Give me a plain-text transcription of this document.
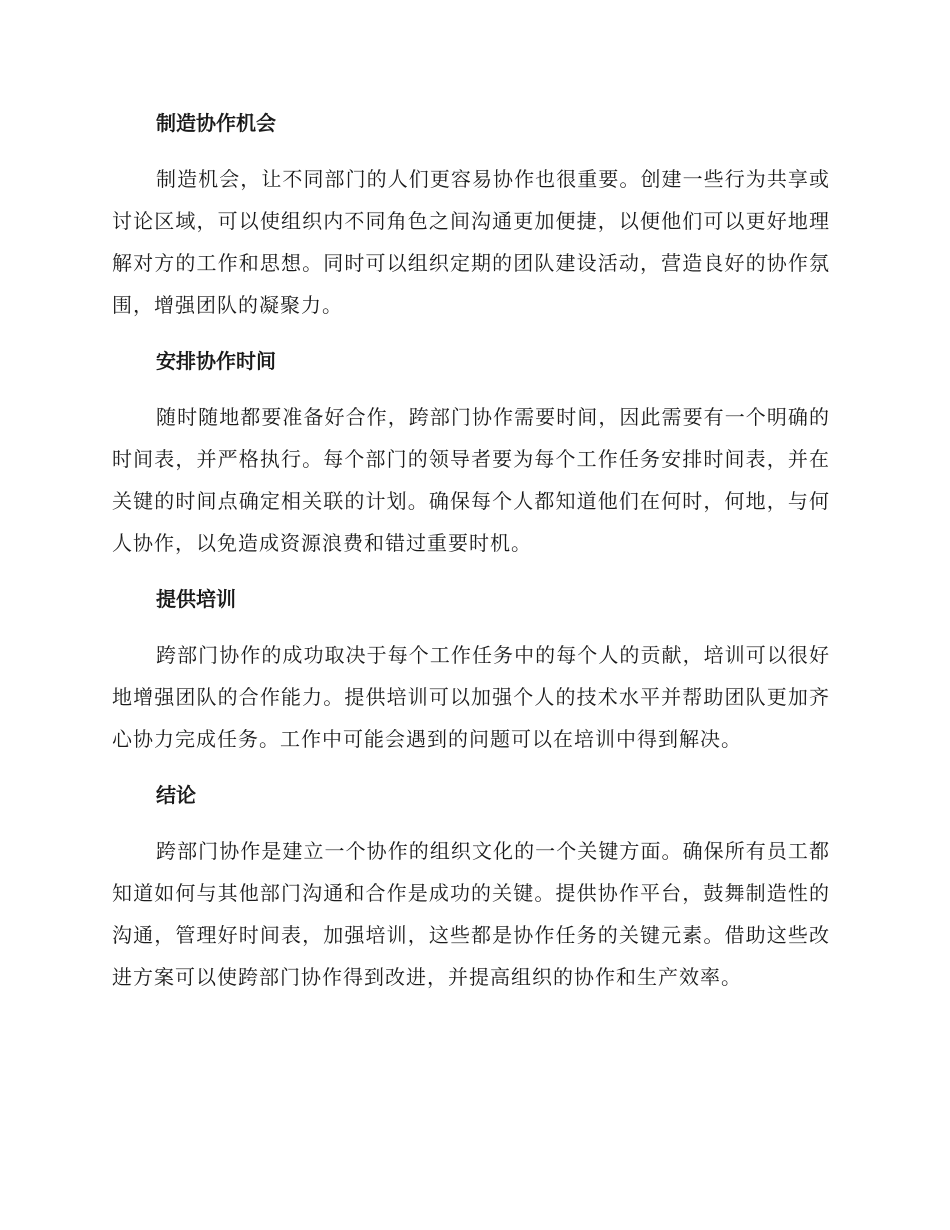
制造协作机会

制造机会，让不同部门的人们更容易协作也很重要。创建一些行为共享或讨论区域，可以使组织内不同角色之间沟通更加便捷，以便他们可以更好地理解对方的工作和思想。同时可以组织定期的团队建设活动，营造良好的协作氛围，增强团队的凝聚力。

安排协作时间

随时随地都要准备好合作，跨部门协作需要时间，因此需要有一个明确的时间表，并严格执行。每个部门的领导者要为每个工作任务安排时间表，并在关键的时间点确定相关联的计划。确保每个人都知道他们在何时，何地，与何人协作，以免造成资源浪费和错过重要时机。

提供培训

跨部门协作的成功取决于每个工作任务中的每个人的贡献，培训可以很好地增强团队的合作能力。提供培训可以加强个人的技术水平并帮助团队更加齐心协力完成任务。工作中可能会遇到的问题可以在培训中得到解决。

结论

跨部门协作是建立一个协作的组织文化的一个关键方面。确保所有员工都知道如何与其他部门沟通和合作是成功的关键。提供协作平台，鼓舞制造性的沟通，管理好时间表，加强培训，这些都是协作任务的关键元素。借助这些改进方案可以使跨部门协作得到改进，并提高组织的协作和生产效率。
